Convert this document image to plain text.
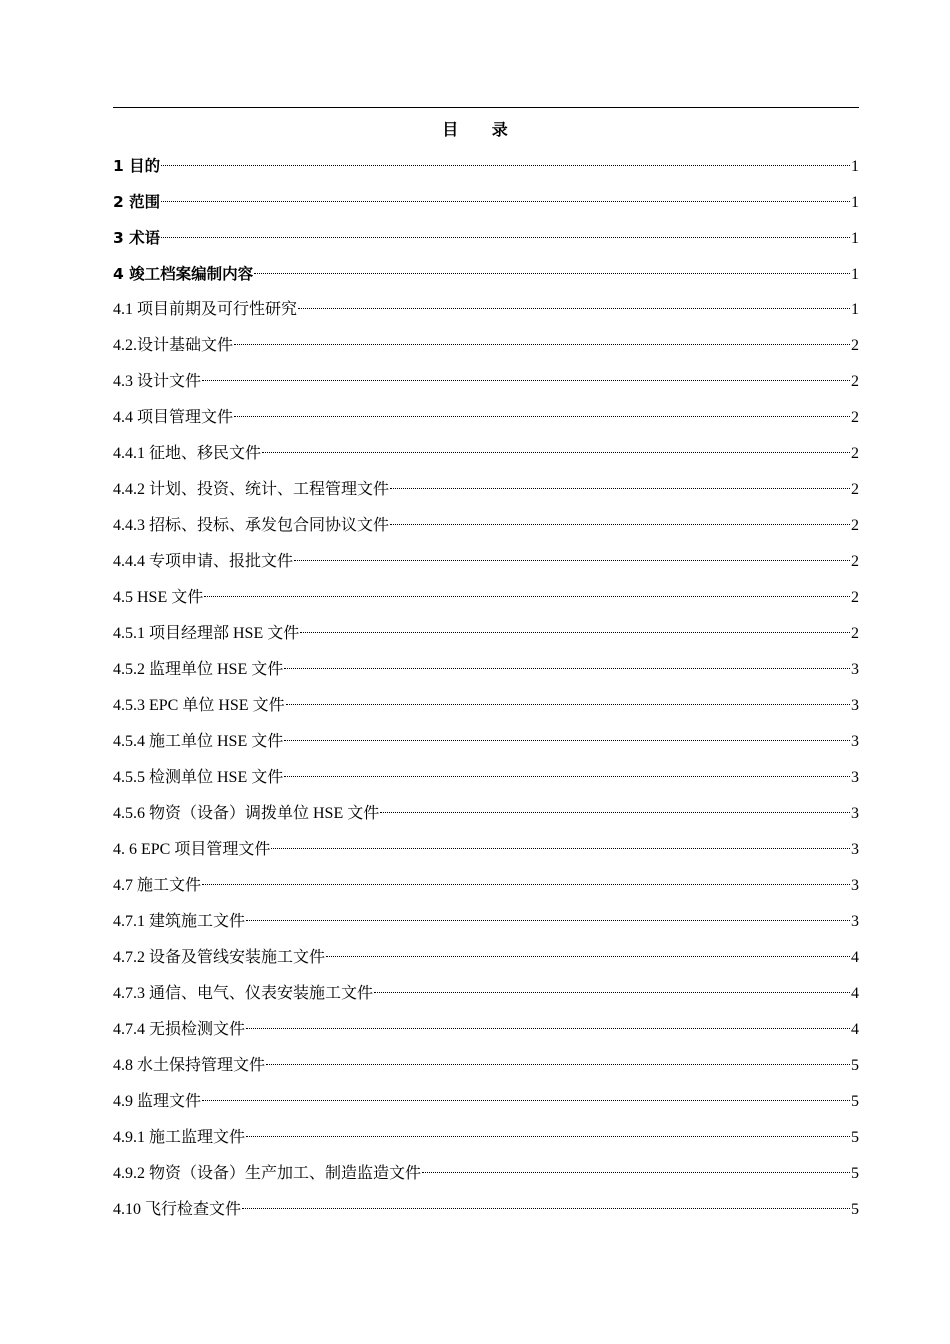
目 录
1 目的	1
2 范围	1
3 术语	1
4 竣工档案编制内容	1
4.1 项目前期及可行性研究	1
4.2.设计基础文件	2
4.3 设计文件	2
4.4 项目管理文件	2
4.4.1 征地、移民文件	2
4.4.2 计划、投资、统计、工程管理文件	2
4.4.3 招标、投标、承发包合同协议文件	2
4.4.4 专项申请、报批文件	2
4.5 HSE 文件	2
4.5.1 项目经理部 HSE 文件	2
4.5.2 监理单位 HSE 文件	3
4.5.3 EPC 单位 HSE 文件	3
4.5.4 施工单位 HSE 文件	3
4.5.5 检测单位 HSE 文件	3
4.5.6 物资（设备）调拨单位 HSE 文件	3
4. 6 EPC 项目管理文件	3
4.7 施工文件	3
4.7.1 建筑施工文件	3
4.7.2 设备及管线安装施工文件	4
4.7.3 通信、电气、仪表安装施工文件	4
4.7.4 无损检测文件	4
4.8 水土保持管理文件	5
4.9 监理文件	5
4.9.1 施工监理文件	5
4.9.2 物资（设备）生产加工、制造监造文件	5
4.10 飞行检查文件	5
